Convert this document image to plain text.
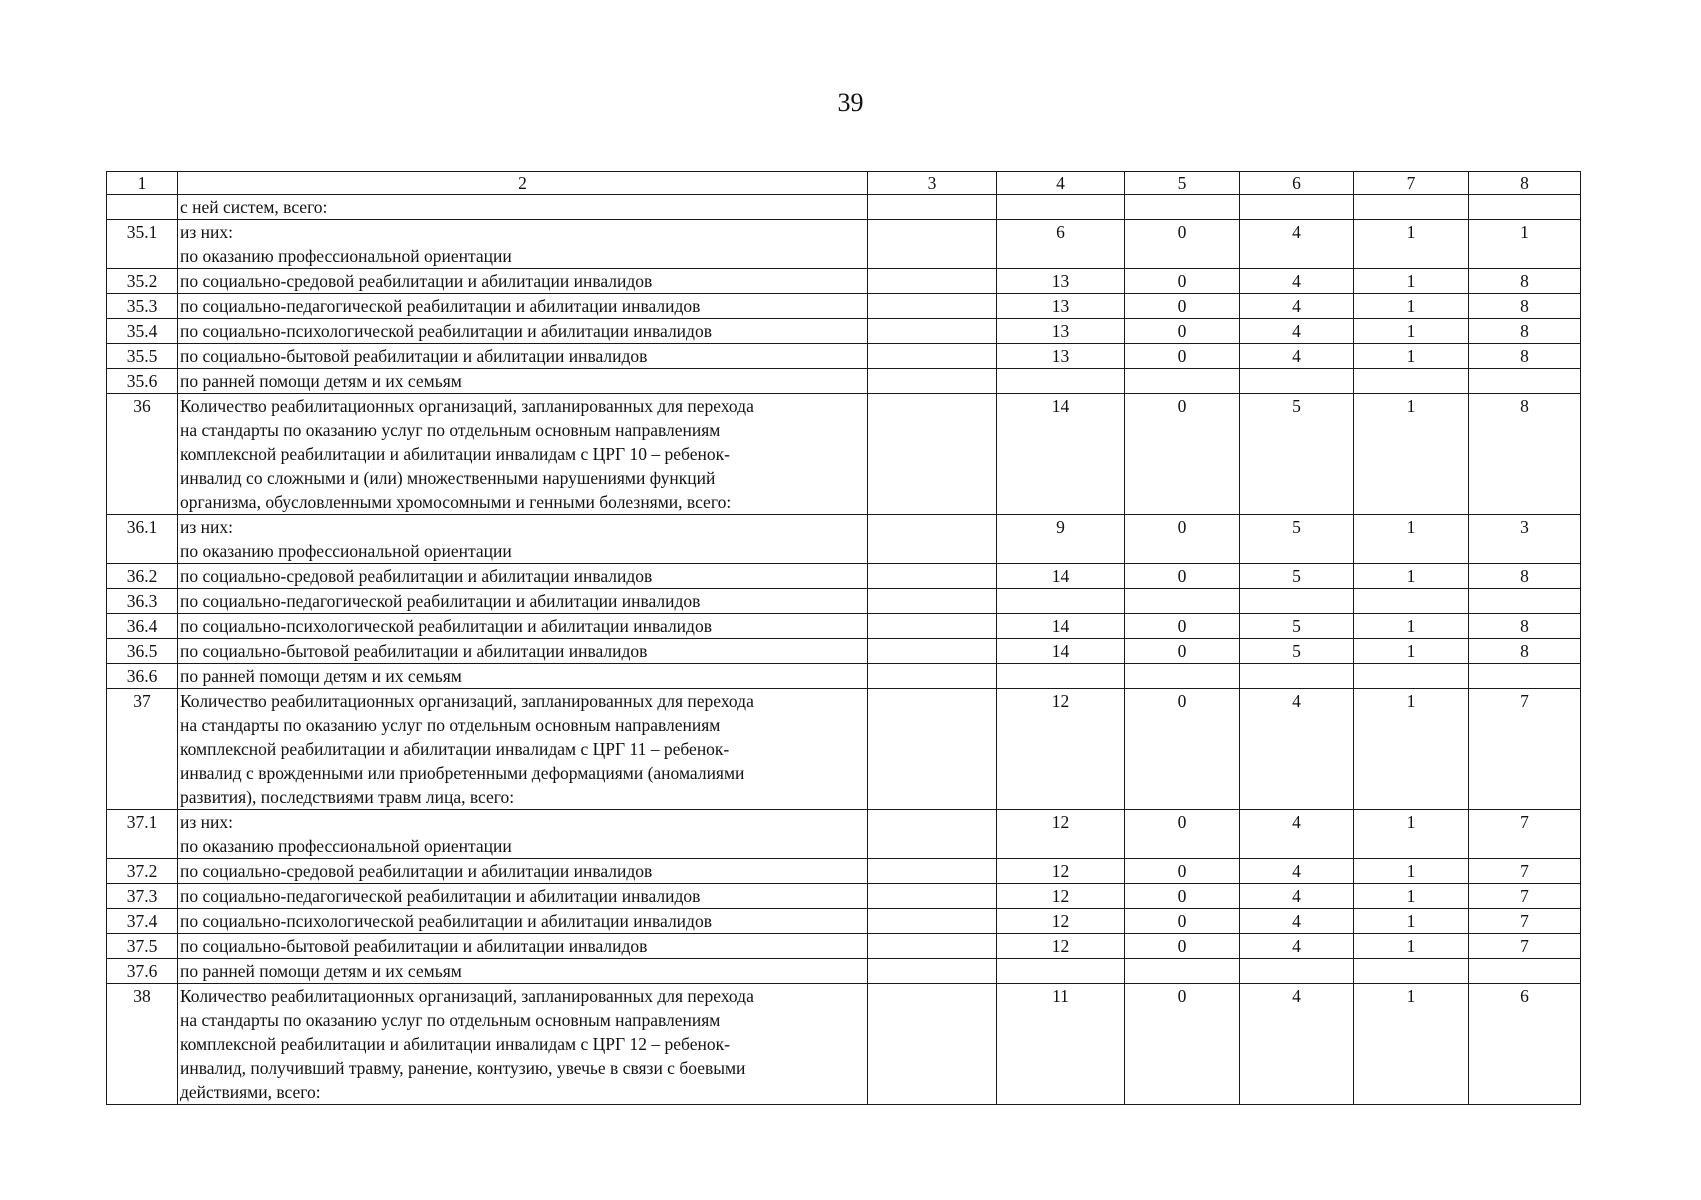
39
1	2	3	4	5	6	7	8

	с ней систем, всего:						

35.1	из них:
по оказанию профессиональной ориентации		6	0	4	1	1
35.2	по социально-средовой реабилитации и абилитации инвалидов		13	0	4	1	8
35.3	по социально-педагогической реабилитации и абилитации инвалидов		13	0	4	1	8
35.4	по социально-психологической реабилитации и абилитации инвалидов		13	0	4	1	8
35.5	по социально-бытовой реабилитации и абилитации инвалидов		13	0	4	1	8
35.6	по ранней помощи детям и их семьям						

36	Количество реабилитационных организаций, запланированных для перехода
на стандарты по оказанию услуг по отдельным основным направлениям
комплексной реабилитации и абилитации инвалидам с ЦРГ 10 – ребенок-
инвалид со сложными и (или) множественными нарушениями функций
организма, обусловленными хромосомными и генными болезнями, всего:		14	0	5	1	8
36.1	из них:
по оказанию профессиональной ориентации		9	0	5	1	3
36.2	по социально-средовой реабилитации и абилитации инвалидов		14	0	5	1	8
36.3	по социально-педагогической реабилитации и абилитации инвалидов						

36.4	по социально-психологической реабилитации и абилитации инвалидов		14	0	5	1	8
36.5	по социально-бытовой реабилитации и абилитации инвалидов		14	0	5	1	8
36.6	по ранней помощи детям и их семьям						

37	Количество реабилитационных организаций, запланированных для перехода
на стандарты по оказанию услуг по отдельным основным направлениям
комплексной реабилитации и абилитации инвалидам с ЦРГ 11 – ребенок-
инвалид с врожденными или приобретенными деформациями (аномалиями
развития), последствиями травм лица, всего:		12	0	4	1	7
37.1	из них:
по оказанию профессиональной ориентации		12	0	4	1	7
37.2	по социально-средовой реабилитации и абилитации инвалидов		12	0	4	1	7
37.3	по социально-педагогической реабилитации и абилитации инвалидов		12	0	4	1	7
37.4	по социально-психологической реабилитации и абилитации инвалидов		12	0	4	1	7
37.5	по социально-бытовой реабилитации и абилитации инвалидов		12	0	4	1	7
37.6	по ранней помощи детям и их семьям						

38	Количество реабилитационных организаций, запланированных для перехода
на стандарты по оказанию услуг по отдельным основным направлениям
комплексной реабилитации и абилитации инвалидам с ЦРГ 12 – ребенок-
инвалид, получивший травму, ранение, контузию, увечье в связи с боевыми
действиями, всего:		11	0	4	1	6
